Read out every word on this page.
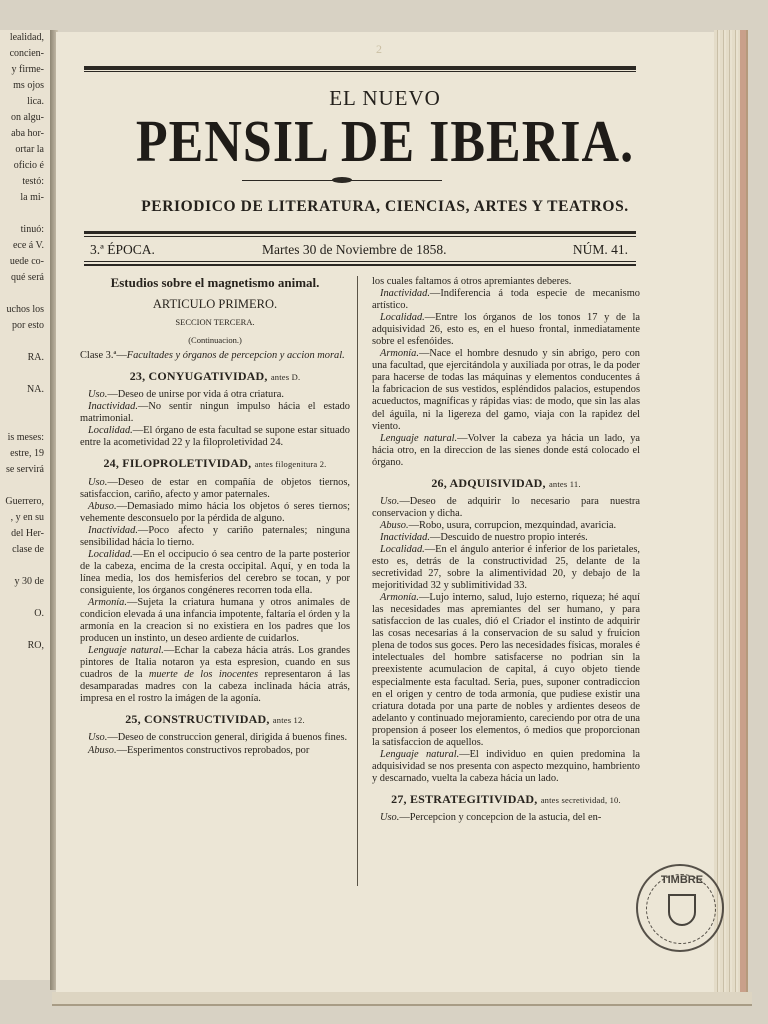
lealidad,
concien-
y firme-
ms ojos
lica.
on algu-
aba hor-
ortar la
oficio é
testó:
la mi-

tinuó:
ece á V.
uede co-
qué será

uchos los
por esto

RA.

NA.

is meses:
estre, 19
se servirá

Guerrero,
, y en su
del Her-
clase de

y 30 de

O.

RO,
2
EL NUEVO
PENSIL DE IBERIA.
PERIODICO DE LITERATURA, CIENCIAS, ARTES Y TEATROS.
3.ª ÉPOCA.	Martes 30 de Noviembre de 1858.	NÚM. 41.

Estudios sobre el magnetismo animal.

ARTICULO PRIMERO.

SECCION TERCERA.

(Continuacion.)

Clase 3.ª—Facultades y órganos de percepcion y accion moral.

23, CONYUGATIVIDAD, antes D.

Uso.—Deseo de unirse por vida á otra criatura.

Inactividad.—No sentir ningun impulso hácia el estado matrimonial.

Localidad.—El órgano de esta facultad se supone estar situado entre la acometividad 22 y la filoproletividad 24.

24, FILOPROLETIVIDAD, antes filogenitura 2.

Uso.—Deseo de estar en compañía de objetos tiernos, satisfaccion, cariño, afecto y amor paternales.

Abuso.—Demasiado mimo hácia los objetos ó seres tiernos; vehemente desconsuelo por la pérdida de alguno.

Inactividad.—Poco afecto y cariño paternales; ninguna sensibilidad hácia lo tierno.

Localidad.—En el occipucio ó sea centro de la parte posterior de la cabeza, encima de la cresta occipital. Aquí, y en toda la línea media, los dos hemisferios del cerebro se tocan, y por consiguiente, los órganos congéneres recorren toda ella.

Armonía.—Sujeta la criatura humana y otros animales de condicion elevada á una infancia impotente, faltaría el órden y la armonía en la creacion si no existiera en los padres que los producen un instinto, un deseo ardiente de cuidarlos.

Lenguaje natural.—Echar la cabeza hácia atrás. Los grandes pintores de Italia notaron ya esta espresion, cuando en sus cuadros de la muerte de los inocentes representaron á las desamparadas madres con la cabeza inclinada hácia atrás, impresa en el rostro la imágen de la agonía.

25, CONSTRUCTIVIDAD, antes 12.

Uso.—Deseo de construccion general, dirigida á buenos fines.

Abuso.—Esperimentos constructivos reprobados, por

los cuales faltamos á otros apremiantes deberes.

Inactividad.—Indiferencia á toda especie de mecanismo artístico.

Localidad.—Entre los órganos de los tonos 17 y de la adquisividad 26, esto es, en el hueso frontal, inmediatamente sobre el esfenóides.

Armonía.—Nace el hombre desnudo y sin abrigo, pero con una facultad, que ejercitándola y auxiliada por otras, le da poder para hacerse de todas las máquinas y elementos conducentes á la fabricacion de sus vestidos, espléndidos palacios, estupendos acueductos, magníficas y rápidas vias: de modo, que sin las alas del águila, ni la ligereza del gamo, viaja con la rapidez del viento.

Lenguaje natural.—Volver la cabeza ya hácia un lado, ya hácia otro, en la direccion de las sienes donde está colocado el órgano.

26, ADQUISIVIDAD, antes 11.

Uso.—Deseo de adquirir lo necesario para nuestra conservacion y dicha.

Abuso.—Robo, usura, corrupcion, mezquindad, avaricia.

Inactividad.—Descuido de nuestro propio interés.

Localidad.—En el ángulo anterior é inferior de los parietales, esto es, detrás de la constructividad 25, delante de la secretividad 27, sobre la alimentividad 20, y debajo de la mejoritividad 32 y sublimitividad 33.

Armonía.—Lujo interno, salud, lujo esterno, riqueza; hé aquí las necesidades mas apremiantes del ser humano, y para satisfaccion de las cuales, dió el Criador el instinto de adquirir las cosas necesarias á la conservacion de su salud y fruicion plena de todos sus goces. Pero las necesidades físicas, morales é intelectuales del hombre satisfacerse no podrian sin la preexistente acumulacion de capital, á cuyo objeto tiende especialmente esta facultad. Seria, pues, suponer contradiccion en el origen y centro de toda armonía, que pudiese existir una criatura dotada por una parte de nobles y ardientes deseos de adelanto y continuado mejoramiento, careciendo por otra de una propension á poseer los elementos, ó medios que proporcionan la satisfaccion de aquellos.

Lenguaje natural.—El individuo en quien predomina la adquisividad se nos presenta con aspecto mezquino, hambriento y descarnado, vuelta la cabeza hácia un lado.

27, ESTRATEGITIVIDAD, antes secretividad, 10.

Uso.—Percepcion y concepcion de la astucia, del en-

TIMBRE
